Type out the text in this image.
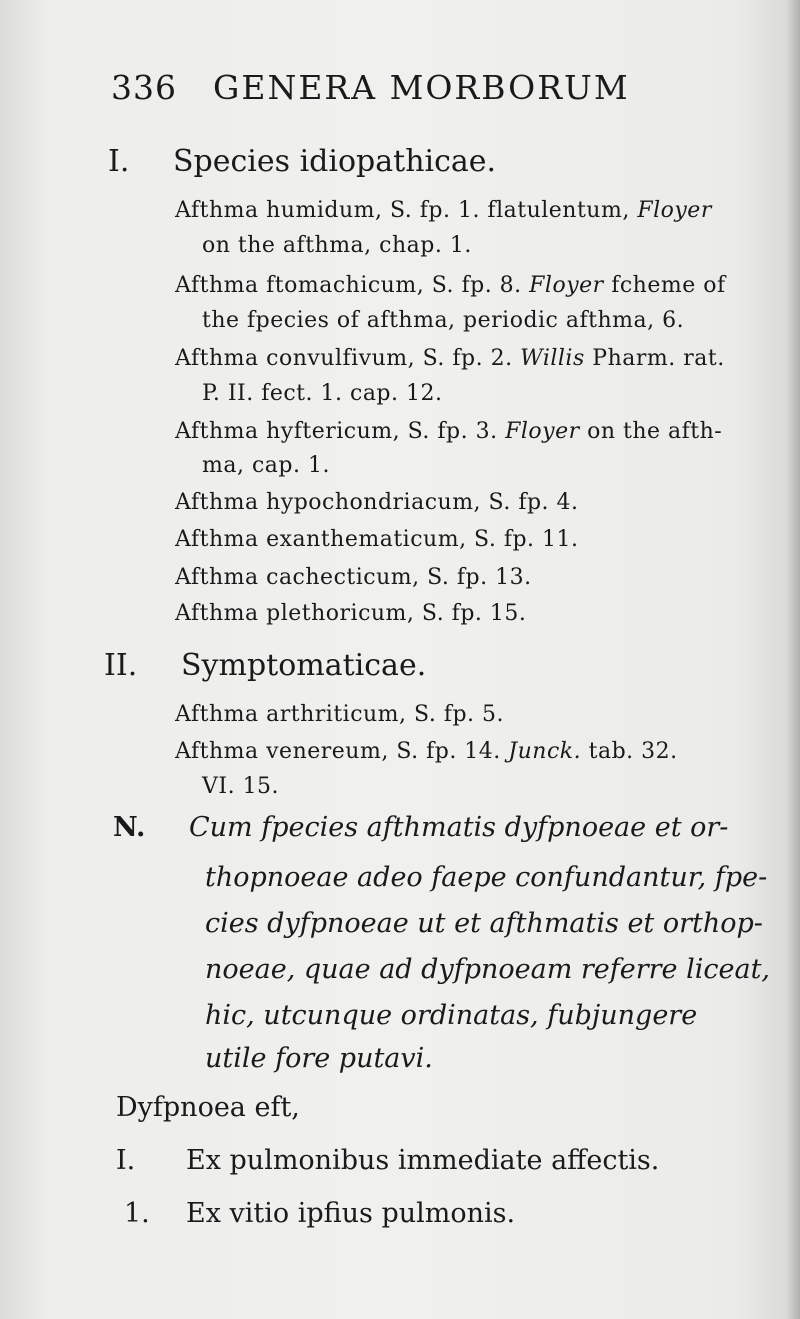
336 GENERA MORBORUM
I. Species idiopathicae.
Afthma humidum, S. fp. 1. flatulentum, Floyer
on the afthma, chap. 1.
Afthma ftomachicum, S. fp. 8. Floyer fcheme of
the fpecies of afthma, periodic afthma, 6.
Afthma convulfivum, S. fp. 2. Willis Pharm. rat.
P. II. fect. 1. cap. 12.
Afthma hyftericum, S. fp. 3. Floyer on the afth-
ma, cap. 1.
Afthma hypochondriacum, S. fp. 4.
Afthma exanthematicum, S. fp. 11.
Afthma cachecticum, S. fp. 13.
Afthma plethoricum, S. fp. 15.
II. Symptomaticae.
Afthma arthriticum, S. fp. 5.
Afthma venereum, S. fp. 14. Junck. tab. 32.
VI. 15.
N. Cum fpecies afthmatis dyfpnoeae et or-
thopnoeae adeo faepe confundantur, fpe-
cies dyfpnoeae ut et afthmatis et orthop-
noeae, quae ad dyfpnoeam referre liceat,
hic, utcunque ordinatas, fubjungere
utile fore putavi.
Dyfpnoea eft,
I. Ex pulmonibus immediate affectis.
1. Ex vitio ipfius pulmonis.
